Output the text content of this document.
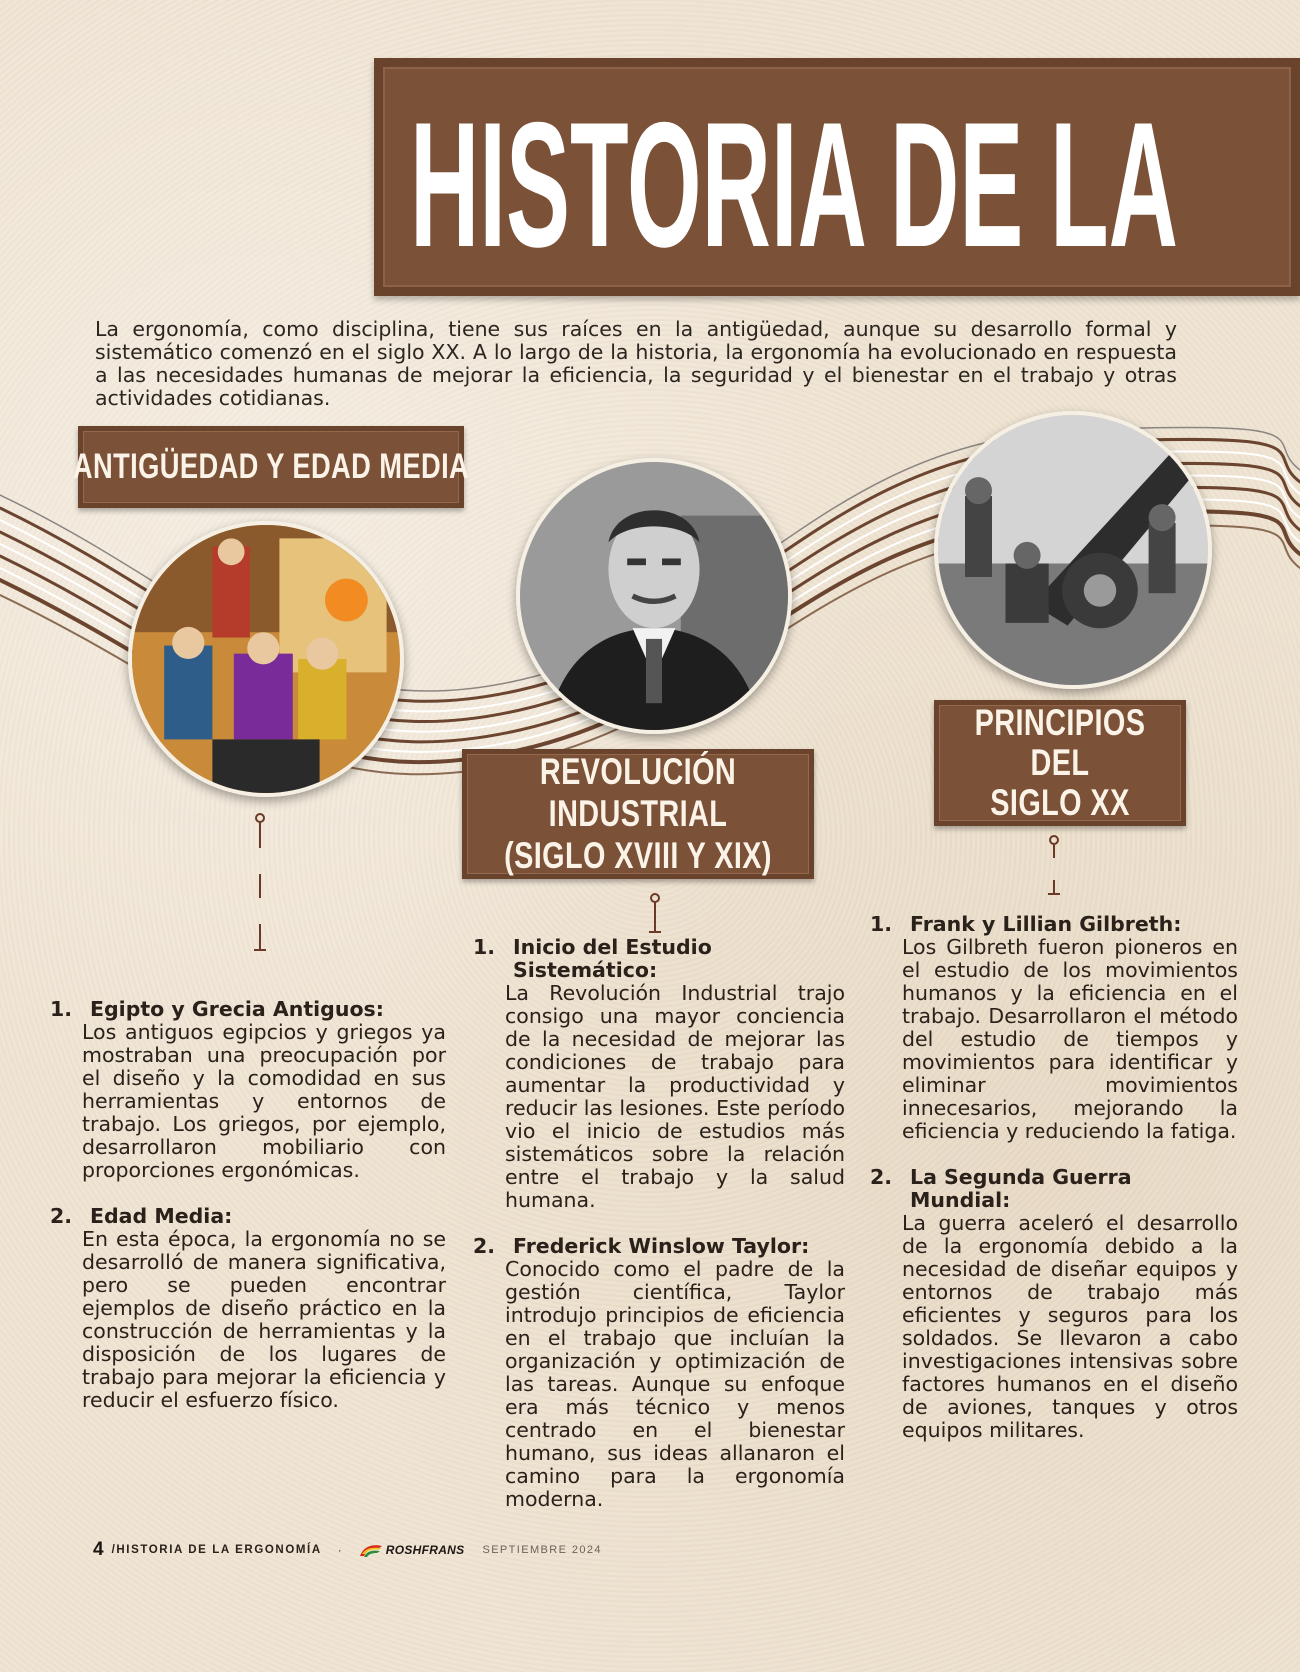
HISTORIA DE LA

La ergonomía, como disciplina, tiene sus raíces en la antigüedad, aunque su desarrollo formal y sistemático comenzó en el siglo XX. A lo largo de la historia, la ergonomía ha evolucionado en respuesta a las necesidades humanas de mejorar la eficiencia, la seguridad y el bienestar en el trabajo y otras actividades cotidianas.

ANTIGÜEDAD Y EDAD MEDIA
REVOLUCIÓN INDUSTRIAL
(SIGLO XVIII Y XIX)
PRINCIPIOS DEL
SIGLO XX
1. Egipto y Grecia Antiguos:
Los antiguos egipcios y griegos ya mostraban una preocupación por el diseño y la comodidad en sus herramientas y entornos de trabajo. Los griegos, por ejemplo, desarrollaron mobiliario con proporciones ergonómicas.
2. Edad Media:
En esta época, la ergonomía no se desarrolló de manera significativa, pero se pueden encontrar ejemplos de diseño práctico en la construcción de herramientas y la disposición de los lugares de trabajo para mejorar la eficiencia y reducir el esfuerzo físico.
1. Inicio del Estudio Sistemático:
La Revolución Industrial trajo consigo una mayor conciencia de la necesidad de mejorar las condiciones de trabajo para aumentar la productividad y reducir las lesiones. Este período vio el inicio de estudios más sistemáticos sobre la relación entre el trabajo y la salud humana.
2. Frederick Winslow Taylor:
Conocido como el padre de la gestión científica, Taylor introdujo principios de eficiencia en el trabajo que incluían la organización y optimización de las tareas. Aunque su enfoque era más técnico y menos centrado en el bienestar humano, sus ideas allanaron el camino para la ergonomía moderna.
1. Frank y Lillian Gilbreth:
Los Gilbreth fueron pioneros en el estudio de los movimientos humanos y la eficiencia en el trabajo. Desarrollaron el método del estudio de tiempos y movimientos para identificar y eliminar movimientos innecesarios, mejorando la eficiencia y reduciendo la fatiga.
2. La Segunda Guerra Mundial:
La guerra aceleró el desarrollo de la ergonomía debido a la necesidad de diseñar equipos y entornos de trabajo más eficientes y seguros para los soldados. Se llevaron a cabo investigaciones intensivas sobre factores humanos en el diseño de aviones, tanques y otros equipos militares.
4 /HISTORIA DE LA ERGONOMÍA ·	ROSHFRANS SEPTIEMBRE 2024
